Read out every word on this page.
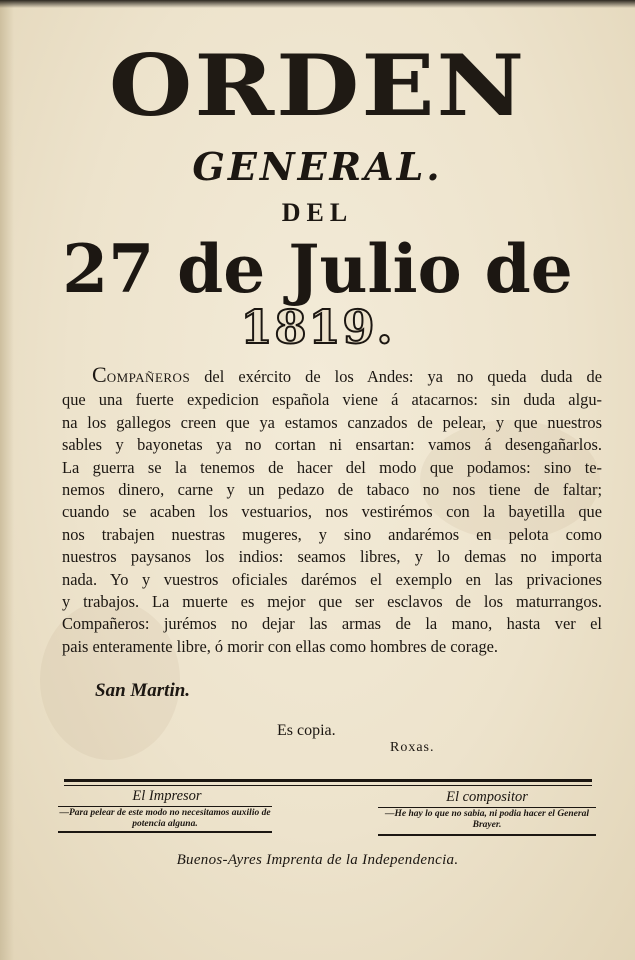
ORDEN
GENERAL.
DEL
27 de Julio de
1819.
COMPAÑEROS del exército de los Andes: ya no queda duda de
que una fuerte expedicion española viene á atacarnos: sin duda algu-
na los gallegos creen que ya estamos canzados de pelear, y que nuestros
sables y bayonetas ya no cortan ni ensartan: vamos á desengañarlos.
La guerra se la tenemos de hacer del modo que podamos: sino te-
nemos dinero, carne y un pedazo de tabaco no nos tiene de faltar;
cuando se acaben los vestuarios, nos vestirémos con la bayetilla que
nos trabajen nuestras mugeres, y sino andarémos en pelota como
nuestros paysanos los indios: seamos libres, y lo demas no importa
nada. Yo y vuestros oficiales darémos el exemplo en las privaciones
y trabajos. La muerte es mejor que ser esclavos de los maturrangos.
Compañeros: jurémos no dejar las armas de la mano, hasta ver el
pais enteramente libre, ó morir con ellas como hombres de corage.
San Martin.
Es copia.
Roxas.
El Impresor
—Para pelear de este modo no necesitamos auxilio de potencia alguna.
El compositor
—He hay lo que no sabia, ni podia hacer el General Brayer.
Buenos-Ayres Imprenta de la Independencia.
